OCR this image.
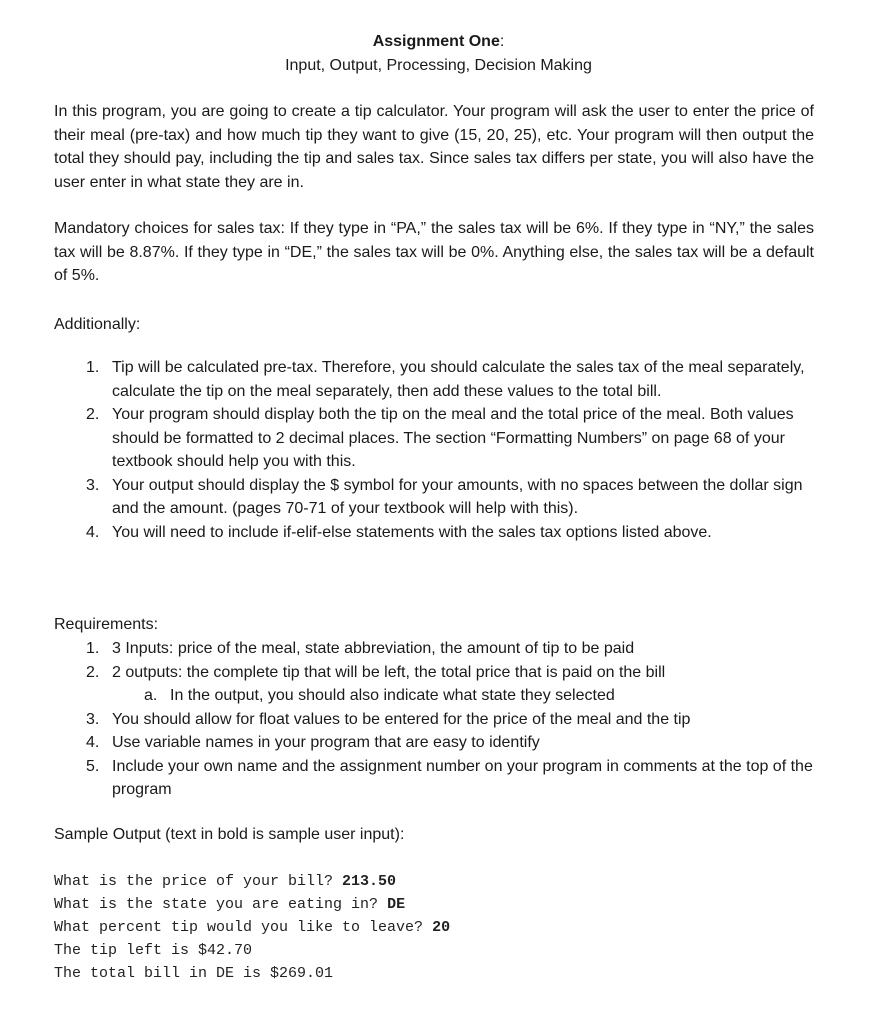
Assignment One:
Input, Output, Processing, Decision Making

In this program, you are going to create a tip calculator. Your program will ask the user to enter the price of their meal (pre-tax) and how much tip they want to give (15, 20, 25), etc. Your program will then output the total they should pay, including the tip and sales tax. Since sales tax differs per state, you will also have the user enter in what state they are in.

Mandatory choices for sales tax: If they type in “PA,” the sales tax will be 6%. If they type in “NY,” the sales tax will be 8.87%. If they type in “DE,” the sales tax will be 0%. Anything else, the sales tax will be a default of 5%.

Additionally:

1. Tip will be calculated pre-tax. Therefore, you should calculate the sales tax of the meal separately, calculate the tip on the meal separately, then add these values to the total bill.
2. Your program should display both the tip on the meal and the total price of the meal. Both values should be formatted to 2 decimal places. The section “Formatting Numbers” on page 68 of your textbook should help you with this.
3. Your output should display the $ symbol for your amounts, with no spaces between the dollar sign and the amount. (pages 70-71 of your textbook will help with this).
4. You will need to include if-elif-else statements with the sales tax options listed above.
Requirements:
1. 3 Inputs: price of the meal, state abbreviation, the amount of tip to be paid
2. 2 outputs: the complete tip that will be left, the total price that is paid on the bill
a. In the output, you should also indicate what state they selected
3. You should allow for float values to be entered for the price of the meal and the tip
4. Use variable names in your program that are easy to identify
5. Include your own name and the assignment number on your program in comments at the top of the program
Sample Output (text in bold is sample user input):
What is the price of your bill? 213.50
What is the state you are eating in? DE
What percent tip would you like to leave? 20
The tip left is $42.70
The total bill in DE is $269.01
